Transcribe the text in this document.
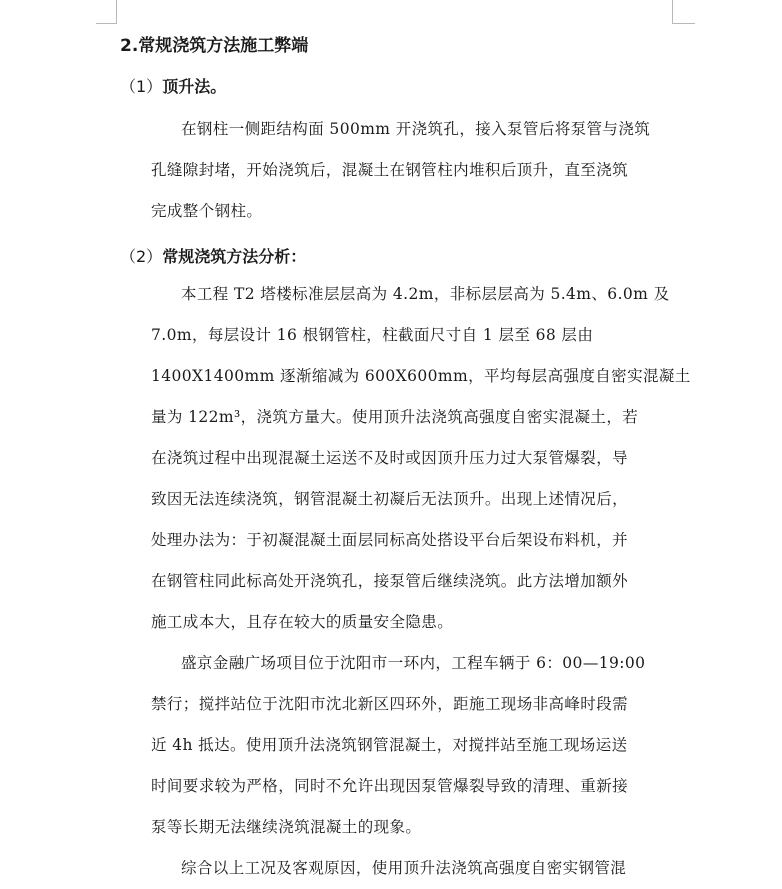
2.常规浇筑方法施工弊端
（1）顶升法。
在钢柱一侧距结构面 500mm 开浇筑孔，接入泵管后将泵管与浇筑
孔缝隙封堵，开始浇筑后，混凝土在钢管柱内堆积后顶升，直至浇筑
完成整个钢柱。
（2）常规浇筑方法分析：
本工程 T2 塔楼标准层层高为 4.2m，非标层层高为 5.4m、6.0m 及
7.0m，每层设计 16 根钢管柱，柱截面尺寸自 1 层至 68 层由
1400X1400mm 逐渐缩减为 600X600mm，平均每层高强度自密实混凝土
量为 122m³，浇筑方量大。使用顶升法浇筑高强度自密实混凝土，若
在浇筑过程中出现混凝土运送不及时或因顶升压力过大泵管爆裂，导
致因无法连续浇筑，钢管混凝土初凝后无法顶升。出现上述情况后，
处理办法为：于初凝混凝土面层同标高处搭设平台后架设布料机，并
在钢管柱同此标高处开浇筑孔，接泵管后继续浇筑。此方法增加额外
施工成本大，且存在较大的质量安全隐患。
盛京金融广场项目位于沈阳市一环内，工程车辆于 6：00—19:00
禁行；搅拌站位于沈阳市沈北新区四环外，距施工现场非高峰时段需
近 4h 抵达。使用顶升法浇筑钢管混凝土，对搅拌站至施工现场运送
时间要求较为严格，同时不允许出现因泵管爆裂导致的清理、重新接
泵等长期无法继续浇筑混凝土的现象。
综合以上工况及客观原因，使用顶升法浇筑高强度自密实钢管混
